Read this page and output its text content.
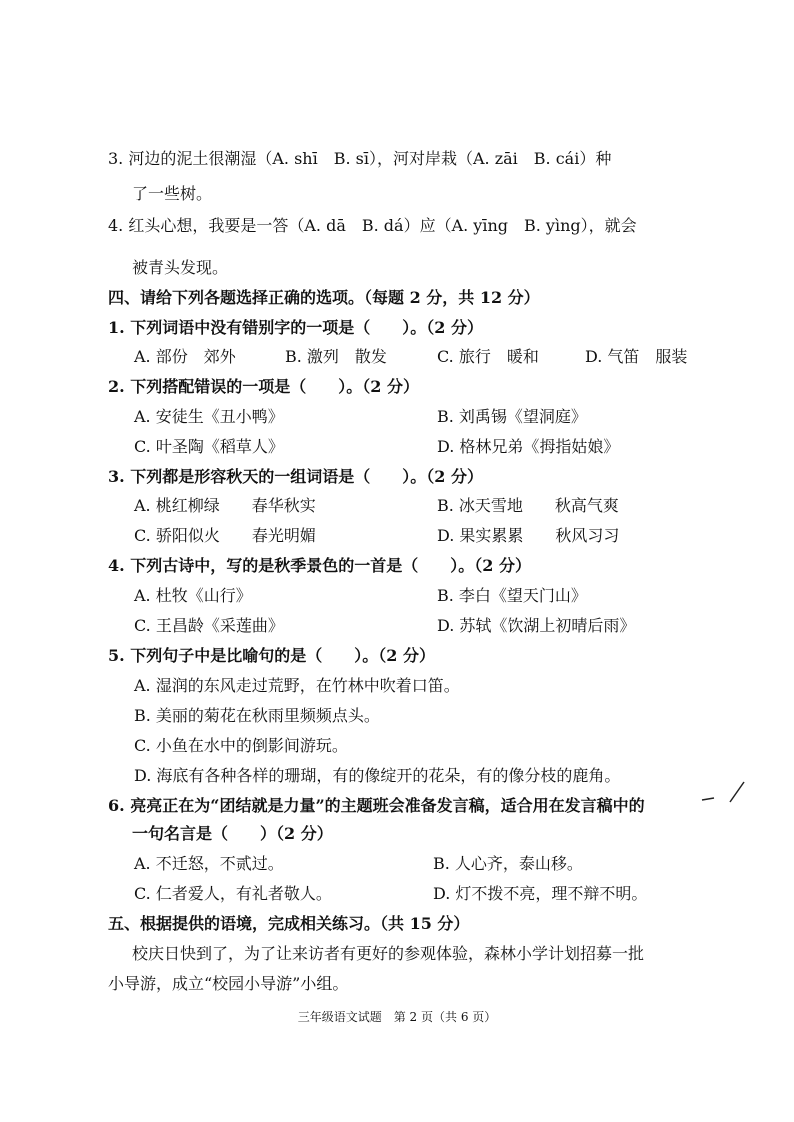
3. 河边的泥土很潮湿（A. shī　B. sī），河对岸栽（A. zāi　B. cái）种
了一些树。
4. 红头心想，我要是一答（A. dā　B. dá）应（A. yīng　B. yìng），就会
被青头发现。
四、请给下列各题选择正确的选项。（每题 2 分，共 12 分）
1. 下列词语中没有错别字的一项是（　　）。（2 分）
A. 部份　郊外	B. 激列　散发	C. 旅行　暖和	D. 气笛　服装
2. 下列搭配错误的一项是（　　）。（2 分）
A. 安徒生《丑小鸭》	B. 刘禹锡《望洞庭》
C. 叶圣陶《稻草人》	D. 格林兄弟《拇指姑娘》
3. 下列都是形容秋天的一组词语是（　　）。（2 分）
A. 桃红柳绿　　春华秋实	B. 冰天雪地　　秋高气爽
C. 骄阳似火　　春光明媚	D. 果实累累　　秋风习习
4. 下列古诗中，写的是秋季景色的一首是（　　）。（2 分）
A. 杜牧《山行》	B. 李白《望天门山》
C. 王昌龄《采莲曲》	D. 苏轼《饮湖上初晴后雨》
5. 下列句子中是比喻句的是（　　）。（2 分）
A. 湿润的东风走过荒野，在竹林中吹着口笛。
B. 美丽的菊花在秋雨里频频点头。
C. 小鱼在水中的倒影间游玩。
D. 海底有各种各样的珊瑚，有的像绽开的花朵，有的像分枝的鹿角。
6. 亮亮正在为“团结就是力量”的主题班会准备发言稿，适合用在发言稿中的
一句名言是（　　）（2 分）
A. 不迁怒，不贰过。	B. 人心齐，泰山移。
C. 仁者爱人，有礼者敬人。	D. 灯不拨不亮，理不辩不明。
五、根据提供的语境，完成相关练习。（共 15 分）
校庆日快到了，为了让来访者有更好的参观体验，森林小学计划招募一批
小导游，成立“校园小导游”小组。
三年级语文试题　第 2 页（共 6 页）
